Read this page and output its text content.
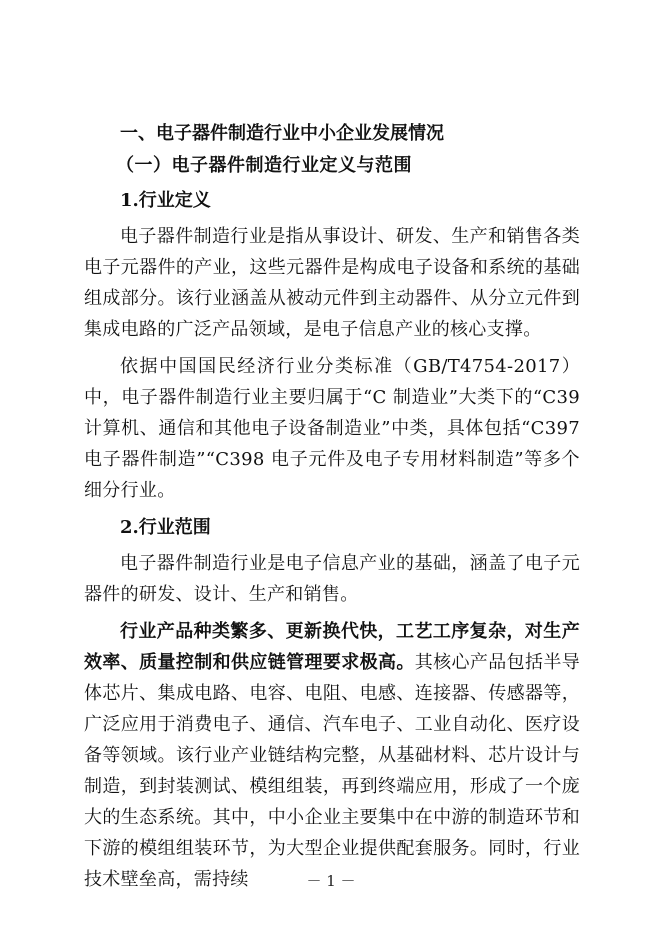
一、电子器件制造行业中小企业发展情况

（一）电子器件制造行业定义与范围

1.行业定义

电子器件制造行业是指从事设计、研发、生产和销售各类电子元器件的产业，这些元器件是构成电子设备和系统的基础组成部分。该行业涵盖从被动元件到主动器件、从分立元件到集成电路的广泛产品领域，是电子信息产业的核心支撑。

依据中国国民经济行业分类标准（GB/T4754-2017）中，电子器件制造行业主要归属于“C 制造业”大类下的“C39 计算机、通信和其他电子设备制造业”中类，具体包括“C397 电子器件制造”“C398 电子元件及电子专用材料制造”等多个细分行业。

2.行业范围

电子器件制造行业是电子信息产业的基础，涵盖了电子元器件的研发、设计、生产和销售。

行业产品种类繁多、更新换代快，工艺工序复杂，对生产效率、质量控制和供应链管理要求极高。其核心产品包括半导体芯片、集成电路、电容、电阻、电感、连接器、传感器等，广泛应用于消费电子、通信、汽车电子、工业自动化、医疗设备等领域。该行业产业链结构完整，从基础材料、芯片设计与制造，到封装测试、模组组装，再到终端应用，形成了一个庞大的生态系统。其中，中小企业主要集中在中游的制造环节和下游的模组组装环节，为大型企业提供配套服务。同时，行业技术壁垒高，需持续	－ 1 －
